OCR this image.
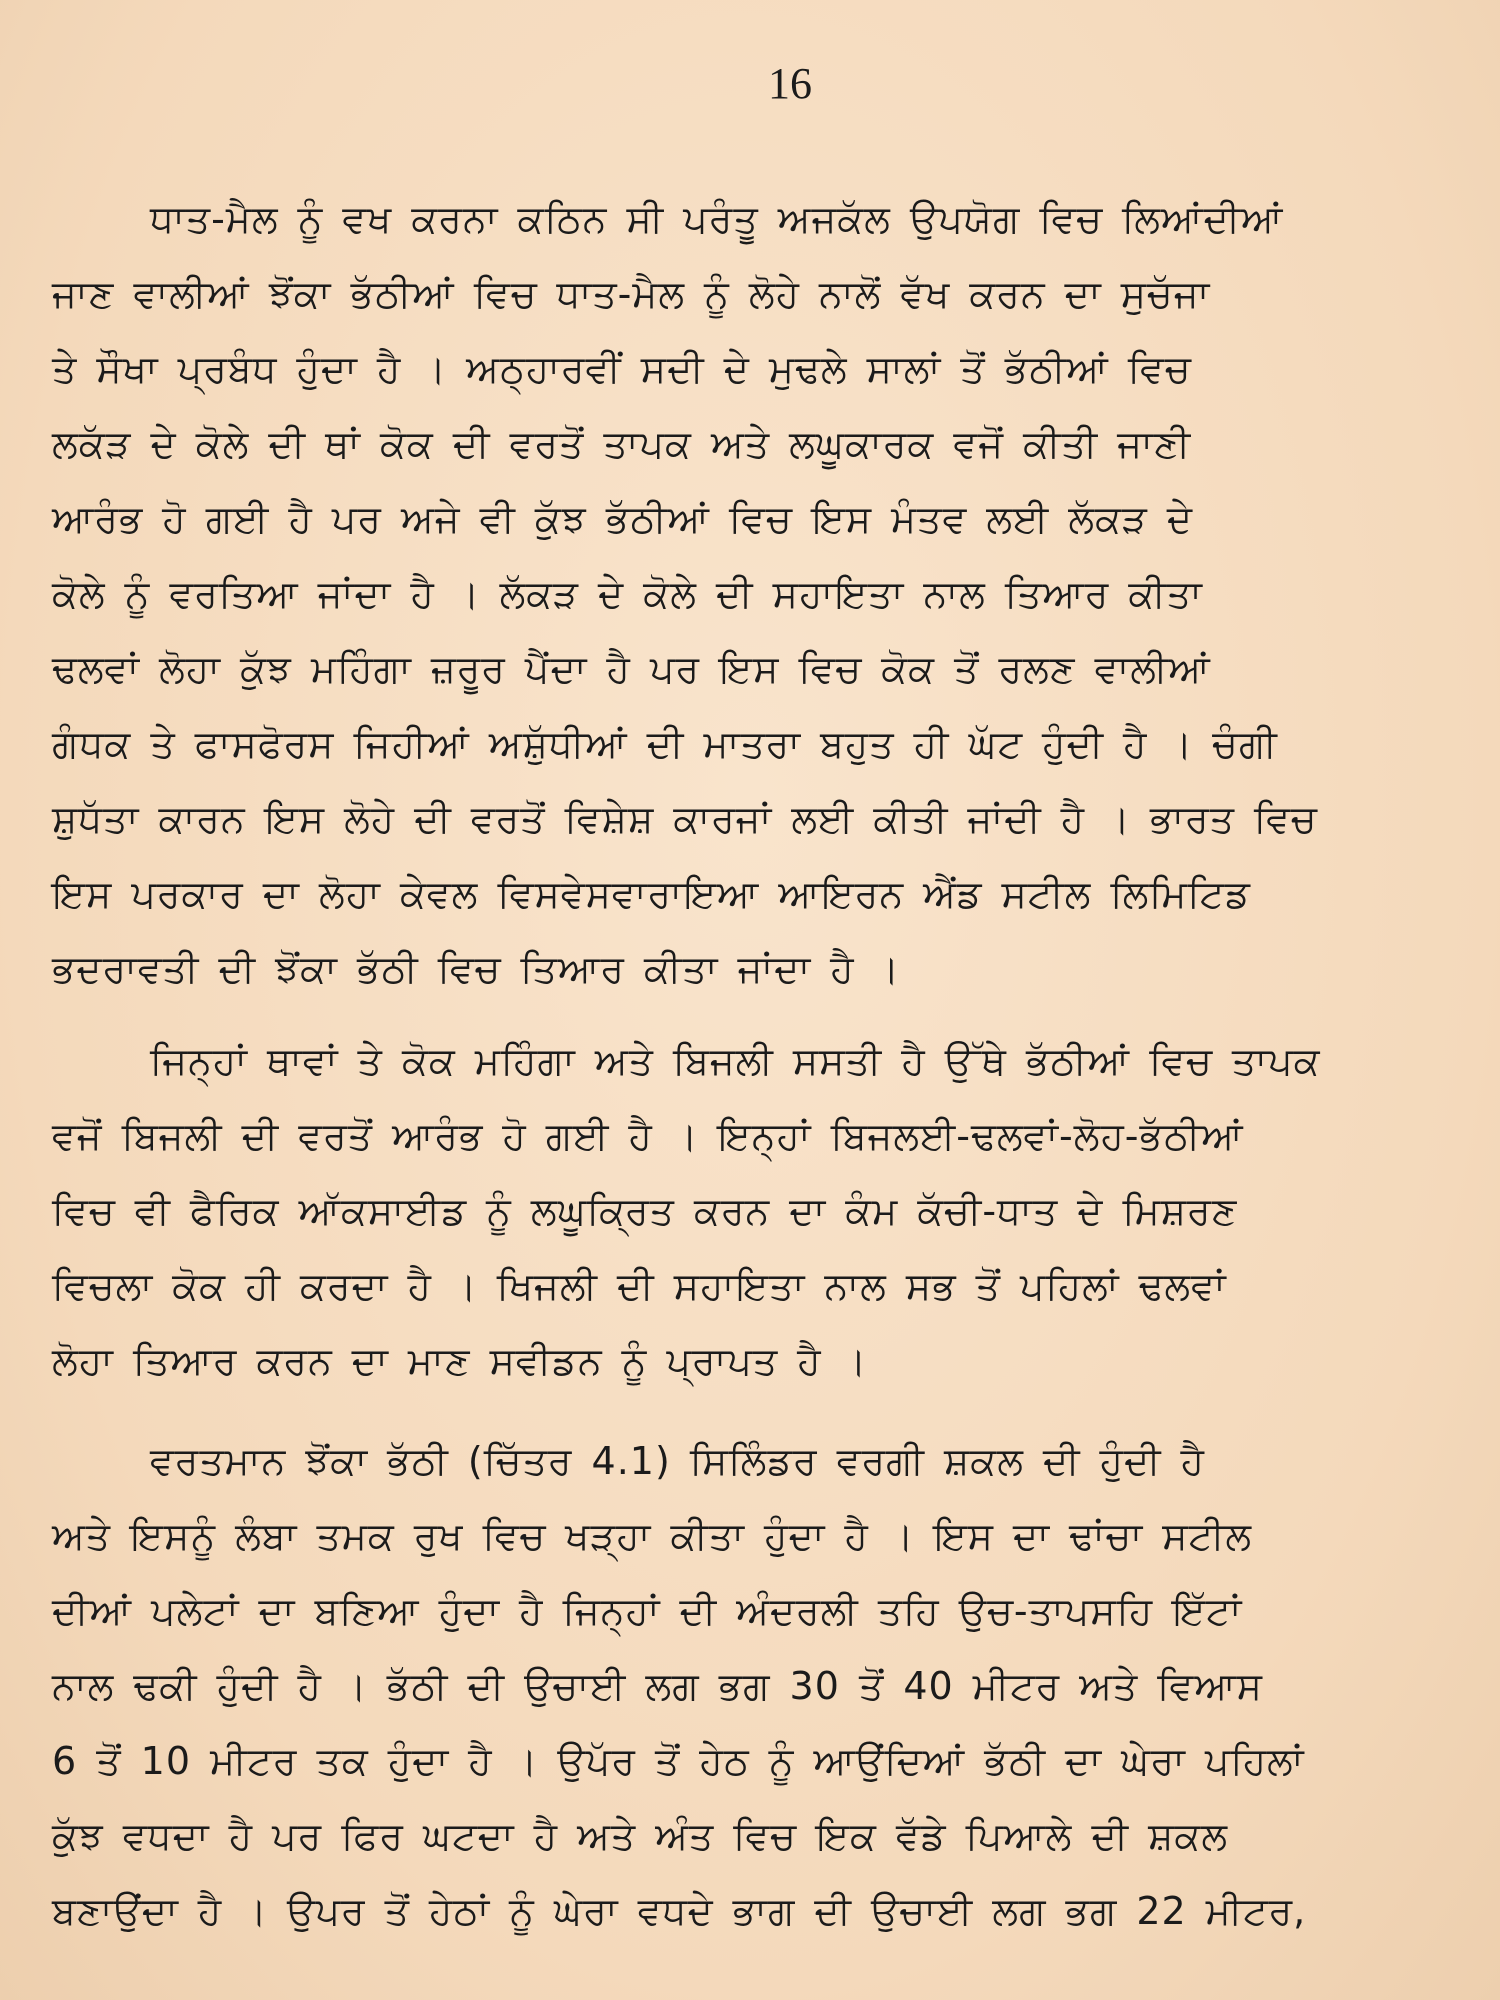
16
ਧਾਤ-ਮੈਲ ਨੂੰ ਵਖ ਕਰਨਾ ਕਠਿਨ ਸੀ ਪਰੰਤੂ ਅਜਕੱਲ ਉਪਯੋਗ ਵਿਚ ਲਿਆਂਦੀਆਂ
ਜਾਣ ਵਾਲੀਆਂ ਝੋਂਕਾ ਭੱਠੀਆਂ ਵਿਚ ਧਾਤ-ਮੈਲ ਨੂੰ ਲੋਹੇ ਨਾਲੋਂ ਵੱਖ ਕਰਨ ਦਾ ਸੁਚੱਜਾ
ਤੇ ਸੌਖਾ ਪ੍ਰਬੰਧ ਹੁੰਦਾ ਹੈ । ਅਠ੍ਹਾਰਵੀਂ ਸਦੀ ਦੇ ਮੁਢਲੇ ਸਾਲਾਂ ਤੋਂ ਭੱਠੀਆਂ ਵਿਚ
ਲਕੱੜ ਦੇ ਕੋਲੇ ਦੀ ਥਾਂ ਕੋਕ ਦੀ ਵਰਤੋਂ ਤਾਪਕ ਅਤੇ ਲਘੂਕਾਰਕ ਵਜੋਂ ਕੀਤੀ ਜਾਣੀ
ਆਰੰਭ ਹੋ ਗਈ ਹੈ ਪਰ ਅਜੇ ਵੀ ਕੁੱਝ ਭੱਠੀਆਂ ਵਿਚ ਇਸ ਮੰਤਵ ਲਈ ਲੱਕੜ ਦੇ
ਕੋਲੇ ਨੂੰ ਵਰਤਿਆ ਜਾਂਦਾ ਹੈ । ਲੱਕੜ ਦੇ ਕੋਲੇ ਦੀ ਸਹਾਇਤਾ ਨਾਲ ਤਿਆਰ ਕੀਤਾ
ਢਲਵਾਂ ਲੋਹਾ ਕੁੱਝ ਮਹਿੰਗਾ ਜ਼ਰੂਰ ਪੈਂਦਾ ਹੈ ਪਰ ਇਸ ਵਿਚ ਕੋਕ ਤੋਂ ਰਲਣ ਵਾਲੀਆਂ
ਗੰਧਕ ਤੇ ਫਾਸਫੋਰਸ ਜਿਹੀਆਂ ਅਸ਼ੁੱਧੀਆਂ ਦੀ ਮਾਤਰਾ ਬਹੁਤ ਹੀ ਘੱਟ ਹੁੰਦੀ ਹੈ । ਚੰਗੀ
ਸ਼ੁਧੱਤਾ ਕਾਰਨ ਇਸ ਲੋਹੇ ਦੀ ਵਰਤੋਂ ਵਿਸ਼ੇਸ਼ ਕਾਰਜਾਂ ਲਈ ਕੀਤੀ ਜਾਂਦੀ ਹੈ । ਭਾਰਤ ਵਿਚ
ਇਸ ਪਰਕਾਰ ਦਾ ਲੋਹਾ ਕੇਵਲ ਵਿਸਵੇਸਵਾਰਾਇਆ ਆਇਰਨ ਐਂਡ ਸਟੀਲ ਲਿਮਿਟਿਡ
ਭਦਰਾਵਤੀ ਦੀ ਝੋਂਕਾ ਭੱਠੀ ਵਿਚ ਤਿਆਰ ਕੀਤਾ ਜਾਂਦਾ ਹੈ ।
ਜਿਨ੍ਹਾਂ ਥਾਵਾਂ ਤੇ ਕੋਕ ਮਹਿੰਗਾ ਅਤੇ ਬਿਜਲੀ ਸਸਤੀ ਹੈ ਉੱਥੇ ਭੱਠੀਆਂ ਵਿਚ ਤਾਪਕ
ਵਜੋਂ ਬਿਜਲੀ ਦੀ ਵਰਤੋਂ ਆਰੰਭ ਹੋ ਗਈ ਹੈ । ਇਨ੍ਹਾਂ ਬਿਜਲਈ-ਢਲਵਾਂ-ਲੋਹ-ਭੱਠੀਆਂ
ਵਿਚ ਵੀ ਫੈਰਿਕ ਆੱਕਸਾਈਡ ਨੂੰ ਲਘੂਕ੍ਰਿਤ ਕਰਨ ਦਾ ਕੰਮ ਕੱਚੀ-ਧਾਤ ਦੇ ਮਿਸ਼ਰਣ
ਵਿਚਲਾ ਕੋਕ ਹੀ ਕਰਦਾ ਹੈ । ਖਿਜਲੀ ਦੀ ਸਹਾਇਤਾ ਨਾਲ ਸਭ ਤੋਂ ਪਹਿਲਾਂ ਢਲਵਾਂ
ਲੋਹਾ ਤਿਆਰ ਕਰਨ ਦਾ ਮਾਣ ਸਵੀਡਨ ਨੂੰ ਪ੍ਰਾਪਤ ਹੈ ।
ਵਰਤਮਾਨ ਝੋਂਕਾ ਭੱਠੀ (ਚਿੱਤਰ 4.1) ਸਿਲਿੰਡਰ ਵਰਗੀ ਸ਼ਕਲ ਦੀ ਹੁੰਦੀ ਹੈ
ਅਤੇ ਇਸਨੂੰ ਲੰਬਾ ਤਮਕ ਰੁਖ ਵਿਚ ਖੜ੍ਹਾ ਕੀਤਾ ਹੁੰਦਾ ਹੈ । ਇਸ ਦਾ ਢਾਂਚਾ ਸਟੀਲ
ਦੀਆਂ ਪਲੇਟਾਂ ਦਾ ਬਣਿਆ ਹੁੰਦਾ ਹੈ ਜਿਨ੍ਹਾਂ ਦੀ ਅੰਦਰਲੀ ਤਹਿ ਉਚ-ਤਾਪਸਹਿ ਇੱਟਾਂ
ਨਾਲ ਢਕੀ ਹੁੰਦੀ ਹੈ । ਭੱਠੀ ਦੀ ਉਚਾਈ ਲਗ ਭਗ 30 ਤੋਂ 40 ਮੀਟਰ ਅਤੇ ਵਿਆਸ
6 ਤੋਂ 10 ਮੀਟਰ ਤਕ ਹੁੰਦਾ ਹੈ । ਉਪੱਰ ਤੋਂ ਹੇਠ ਨੂੰ ਆਉਂਦਿਆਂ ਭੱਠੀ ਦਾ ਘੇਰਾ ਪਹਿਲਾਂ
ਕੁੱਝ ਵਧਦਾ ਹੈ ਪਰ ਫਿਰ ਘਟਦਾ ਹੈ ਅਤੇ ਅੰਤ ਵਿਚ ਇਕ ਵੱਡੇ ਪਿਆਲੇ ਦੀ ਸ਼ਕਲ
ਬਣਾਉਂਦਾ ਹੈ । ਉਪਰ ਤੋਂ ਹੇਠਾਂ ਨੂੰ ਘੇਰਾ ਵਧਦੇ ਭਾਗ ਦੀ ਉਚਾਈ ਲਗ ਭਗ 22 ਮੀਟਰ,
